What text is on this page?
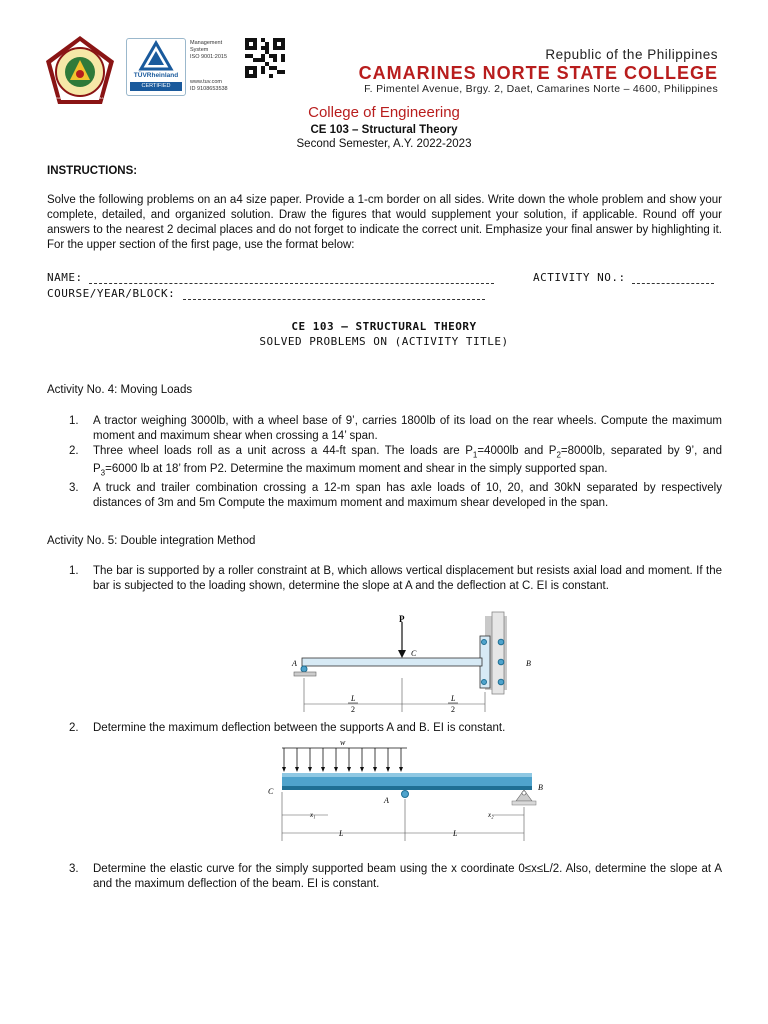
CAMARINES NORTE STATE COLLEGE
TÜVRheinland
CERTIFIED
Management
System
ISO 9001:2015
www.tuv.com
ID 9108653538
Republic of the Philippines
CAMARINES NORTE STATE COLLEGE
F. Pimentel Avenue, Brgy. 2, Daet, Camarines Norte – 4600, Philippines
College of Engineering
CE 103 – Structural Theory
Second Semester, A.Y. 2022-2023
INSTRUCTIONS:
Solve the following problems on an a4 size paper. Provide a 1-cm border on all sides. Write down the whole problem and show your complete, detailed, and organized solution. Draw the figures that would supplement your solution, if applicable. Round off your answers to the nearest 2 decimal places and do not forget to indicate the correct unit. Emphasize your final answer by highlighting it. For the upper section of the first page, use the format below:
NAME:	ACTIVITY NO.:
COURSE/YEAR/BLOCK:
CE 103 – STRUCTURAL THEORY
SOLVED PROBLEMS ON (ACTIVITY TITLE)
Activity No. 4: Moving Loads
1. A tractor weighing 3000lb, with a wheel base of 9’, carries 1800lb of its load on the rear wheels. Compute the maximum moment and maximum shear when crossing a 14’ span.
2. Three wheel loads roll as a unit across a 44-ft span. The loads are $P_1=4000lb$ and $P_2=8000lb$, separated by 9’, and $P_3=6000$ lb at 18’ from P2. Determine the maximum moment and shear in the simply supported span.
3. A truck and trailer combination crossing a 12-m span has axle loads of 10, 20, and 30kN separated by respectively distances of 3m and 5m Compute the maximum moment and maximum shear developed in the span.
Activity No. 5: Double integration Method
1. The bar is supported by a roller constraint at B, which allows vertical displacement but resists axial load and moment. If the bar is subjected to the loading shown, determine the slope at A and the deflection at C. EI is constant.
P
C
A	B
L
2
L
2
2. Determine the maximum deflection between the supports A and B. EI is constant.
w
A
B
C
x₁	x₂
L	L
3. Determine the elastic curve for the simply supported beam using the x coordinate 0≤x≤L/2. Also, determine the slope at A and the maximum deflection of the beam. EI is constant.
